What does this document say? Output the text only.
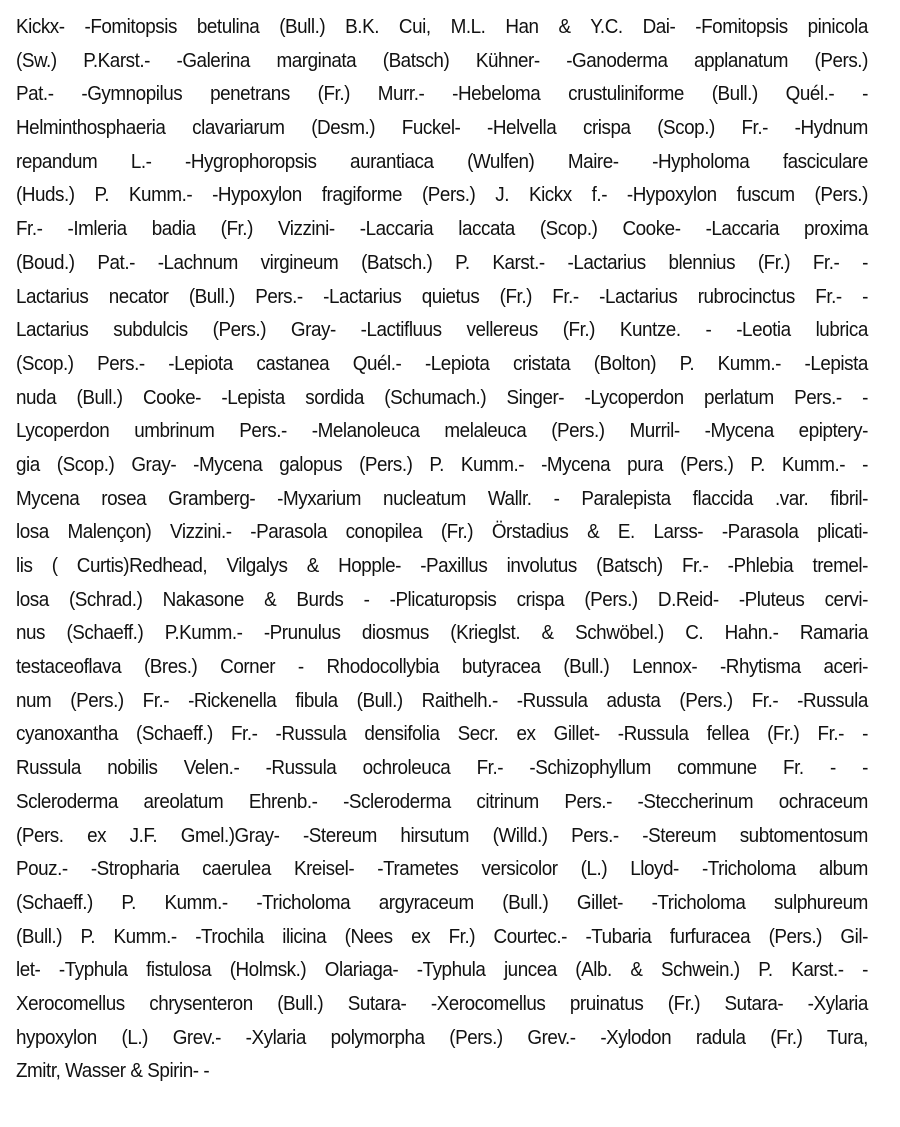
Kickx- -Fomitopsis betulina (Bull.) B.K. Cui, M.L. Han & Y.C. Dai- -Fomitopsis pinicola
(Sw.) P.Karst.- -Galerina marginata (Batsch) Kühner- -Ganoderma applanatum (Pers.)
Pat.- -Gymnopilus penetrans (Fr.) Murr.- -Hebeloma crustuliniforme (Bull.) Quél.- -
Helminthosphaeria clavariarum (Desm.) Fuckel- -Helvella crispa (Scop.) Fr.- -Hydnum
repandum L.- -Hygrophoropsis aurantiaca (Wulfen) Maire- -Hypholoma fasciculare
(Huds.) P. Kumm.- -Hypoxylon fragiforme (Pers.) J. Kickx f.- -Hypoxylon fuscum (Pers.)
Fr.- -Imleria badia (Fr.) Vizzini- -Laccaria laccata (Scop.) Cooke- -Laccaria proxima
(Boud.) Pat.- -Lachnum virgineum (Batsch.) P. Karst.- -Lactarius blennius (Fr.) Fr.- -
Lactarius necator (Bull.) Pers.- -Lactarius quietus (Fr.) Fr.- -Lactarius rubrocinctus Fr.- -
Lactarius subdulcis (Pers.) Gray- -Lactifluus vellereus (Fr.) Kuntze. - -Leotia lubrica
(Scop.) Pers.- -Lepiota castanea Quél.- -Lepiota cristata (Bolton) P. Kumm.- -Lepista
nuda (Bull.) Cooke- -Lepista sordida (Schumach.) Singer- -Lycoperdon perlatum Pers.- -
Lycoperdon umbrinum Pers.- -Melanoleuca melaleuca (Pers.) Murril- -Mycena epiptery-
gia (Scop.) Gray- -Mycena galopus (Pers.) P. Kumm.- -Mycena pura (Pers.) P. Kumm.- -
Mycena rosea Gramberg- -Myxarium nucleatum Wallr. - Paralepista flaccida .var. fibril-
losa Malençon) Vizzini.- -Parasola conopilea (Fr.) Örstadius & E. Larss- -Parasola plicati-
lis ( Curtis)Redhead, Vilgalys & Hopple- -Paxillus involutus (Batsch) Fr.- -Phlebia tremel-
losa (Schrad.) Nakasone & Burds - -Plicaturopsis crispa (Pers.) D.Reid- -Pluteus cervi-
nus (Schaeff.) P.Kumm.- -Prunulus diosmus (Krieglst. & Schwöbel.) C. Hahn.- Ramaria
testaceoflava (Bres.) Corner - Rhodocollybia butyracea (Bull.) Lennox- -Rhytisma aceri-
num (Pers.) Fr.- -Rickenella fibula (Bull.) Raithelh.- -Russula adusta (Pers.) Fr.- -Russula
cyanoxantha (Schaeff.) Fr.- -Russula densifolia Secr. ex Gillet- -Russula fellea (Fr.) Fr.- -
Russula nobilis Velen.- -Russula ochroleuca Fr.- -Schizophyllum commune Fr. - -
Scleroderma areolatum Ehrenb.- -Scleroderma citrinum Pers.- -Steccherinum ochraceum
(Pers. ex J.F. Gmel.)Gray- -Stereum hirsutum (Willd.) Pers.- -Stereum subtomentosum
Pouz.- -Stropharia caerulea Kreisel- -Trametes versicolor (L.) Lloyd- -Tricholoma album
(Schaeff.) P. Kumm.- -Tricholoma argyraceum (Bull.) Gillet- -Tricholoma sulphureum
(Bull.) P. Kumm.- -Trochila ilicina (Nees ex Fr.) Courtec.- -Tubaria furfuracea (Pers.) Gil-
let- -Typhula fistulosa (Holmsk.) Olariaga- -Typhula juncea (Alb. & Schwein.) P. Karst.- -
Xerocomellus chrysenteron (Bull.) Sutara- -Xerocomellus pruinatus (Fr.) Sutara- -Xylaria
hypoxylon (L.) Grev.- -Xylaria polymorpha (Pers.) Grev.- -Xylodon radula (Fr.) Tura,
Zmitr, Wasser & Spirin- -
